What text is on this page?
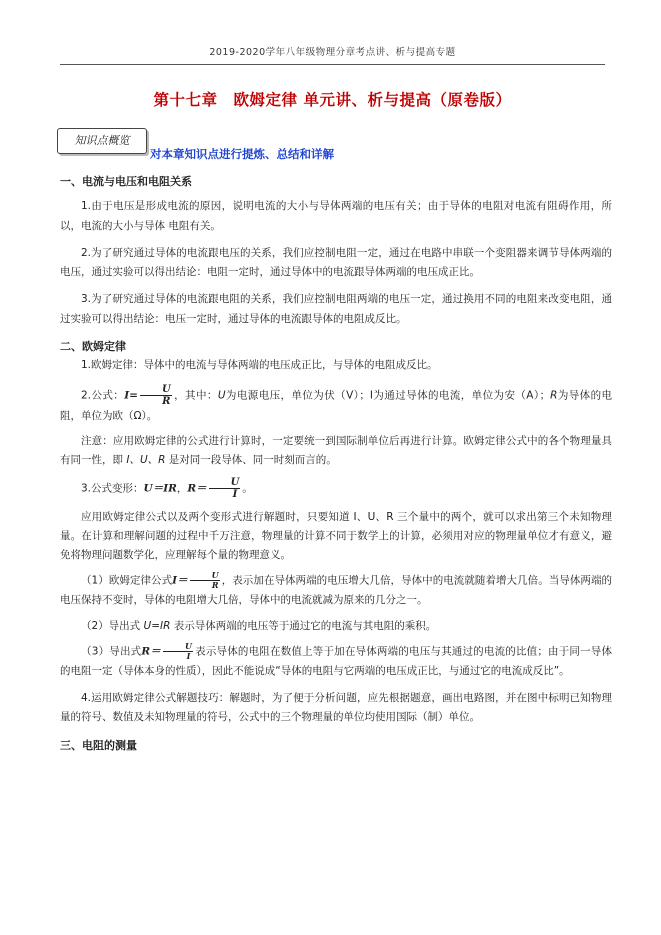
2019-2020学年八年级物理分章考点讲、析与提高专题
第十七章　欧姆定律 单元讲、析与提高（原卷版）
知识点概览
对本章知识点进行提炼、总结和详解

一、电流与电压和电阻关系

1.由于电压是形成电流的原因，说明电流的大小与导体两端的电压有关；由于导体的电阻对电流有阻碍作用，所以，电流的大小与导体 电阻有关。

2.为了研究通过导体的电流跟电压的关系，我们应控制电阻一定，通过在电路中串联一个变阻器来调节导体两端的电压，通过实验可以得出结论：电阻一定时，通过导体中的电流跟导体两端的电压成正比。

3.为了研究通过导体的电流跟电阻的关系，我们应控制电阻两端的电压一定，通过换用不同的电阻来改变电阻，通过实验可以得出结论：电压一定时，通过导体的电流跟导体的电阻成反比。

二、欧姆定律

1.欧姆定律：导体中的电流与导体两端的电压成正比，与导体的电阻成反比。

2.公式：$I= \frac{U}{R}$ ，其中：U为电源电压，单位为伏（V）；I为通过导体的电流，单位为安（A）；R为导体的电阻，单位为欧（Ω）。

注意：应用欧姆定律的公式进行计算时，一定要统一到国际制单位后再进行计算。欧姆定律公式中的各个物理量具有同一性，即 I、U、R 是对同一段导体、同一时刻而言的。

3.公式变形：U＝IR，$R= \frac{U}{I}$ 。

应用欧姆定律公式以及两个变形式进行解题时，只要知道 I、U、R 三个量中的两个，就可以求出第三个未知物理量。在计算和理解问题的过程中千万注意，物理量的计算不同于数学上的计算，必须用对应的物理量单位才有意义，避免将物理问题数学化，应理解每个量的物理意义。

（1）欧姆定律公式$I= \frac{U}{R}$ ，表示加在导体两端的电压增大几倍，导体中的电流就随着增大几倍。当导体两端的电压保持不变时，导体的电阻增大几倍，导体中的电流就减为原来的几分之一。

（2）导出式 U=IR 表示导体两端的电压等于通过它的电流与其电阻的乘积。

（3）导出式$R= \frac{U}{I}$ 表示导体的电阻在数值上等于加在导体两端的电压与其通过的电流的比值；由于同一导体的电阻一定（导体本身的性质），因此不能说成“导体的电阻与它两端的电压成正比，与通过它的电流成反比”。

4.运用欧姆定律公式解题技巧：解题时，为了便于分析问题，应先根据题意，画出电路图，并在图中标明已知物理量的符号、数值及未知物理量的符号，公式中的三个物理量的单位均使用国际（制）单位。

三、电阻的测量
